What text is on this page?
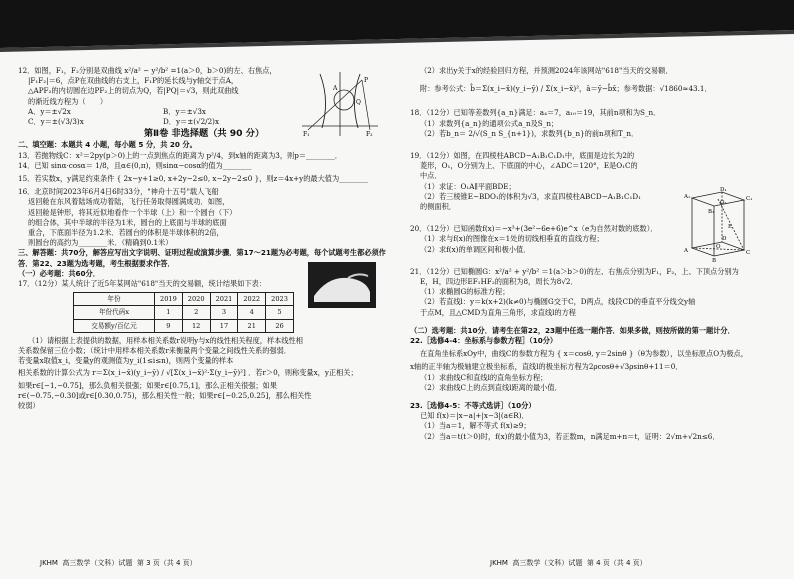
12．如图，F₁，F₂分别是双曲线 x²/a² − y²/b² =1(a＞0，b＞0)的左、右焦点，

|F₁F₂|＝6，点P在双曲线的右支上，F₁P的延长线与y轴交于点A，

△APF₂的内切圆在边PF₂上的切点为Q，若|PQ|＝√3，则此双曲线

的渐近线方程为（　　）

A．y＝±√2x	B．y＝±√3x
C．y＝±(√3/3)x	D．y＝±(√2/2)x
第Ⅱ卷 非选择题（共 90 分）

二、填空题：本题共 4 小题，每小题 5 分，共 20 分。

13．若抛物线C：x²＝2py(p＞0)上的一点到焦点的距离为 p²/4，到x轴的距离为3，则p＝________．

14．已知 sinα·cosα＝ 1/8，且α∈(0,π)，则sinα−cosα的值为________

15．若实数x，y满足约束条件 { 2x−y+1≥0, x+2y−2≤0, x−2y−2≤0 }，则z＝4x+y的最大值为________

16．北京时间2023年6月4日6时33分，"神舟十五号"载人飞船

返回舱在东风着陆场成功着陆，飞行任务取得圆满成功．如图，

返回舱是钟形，将其近似地看作一个半球（上）和一个圆台（下）

的组合体，其中半球的半径为1米，圆台的上底面与半球的底面

重合，下底面半径为1.2米．若圆台的体积是半球体积的2倍，

则圆台的高约为________米．（精确到0.1米）

三、解答题：共70分，解答应写出文字说明、证明过程或演算步骤．第17～21题为必考题，每个试题考生都必须作答．第22、23题为选考题，考生根据要求作答．

（一）必考题：共60分．

17．（12分）某人统计了近5年某网站"618"当天的交易额，统计结果如下表：

年份	2019	2020	2021	2022	2023
年份代码x	1	2	3	4	5
交易额y/百亿元	9	12	17	21	26

（1）请根据上表提供的数据，用样本相关系数r说明y与x的线性相关程度，样本线性相

关系数保留三位小数；（统计中用样本相关系数r来衡量两个变量之间线性关系的强弱．

若变量x取值x_i，变量y的观测值为y_i(1≤i≤n)，则两个变量的样本

相关系数的计算公式为 r＝Σ(x_i−x̄)(y_i−ȳ) / √[Σ(x_i−x̄)²·Σ(y_i−ȳ)²] ．若r＞0，则称变量x，y正相关；

如果r∈[−1,−0.75]，那么负相关很强；如果r∈[0.75,1]，那么正相关很强；如果

r∈(−0.75,−0.30]或r∈[0.30,0.75)，那么相关性一般；如果r∈[−0.25,0.25]，那么相关性

较弱）

F₁	F₂
A
P
Q

（2）求出y关于x的经验回归方程，并预测2024年该网站"618"当天的交易额．

附：参考公式：b̂＝Σ(x_i−x̄)(y_i−ȳ) / Σ(x_i−x̄)²，â＝ȳ−b̂x̄；参考数据：√1860≈43.1．

18．（12分）已知等差数列{a_n}满足：a₄＝7，a₁₀＝19，其前n项和为S_n．

（1）求数列{a_n}的通项公式a_n及S_n；

（2）若b_n＝ 2/√(S_n S_{n+1})，求数列{b_n}的前n项和T_n．

19．（12分）如图，在四棱柱ABCD−A₁B₁C₁D₁中，底面是边长为2的

菱形，O₁，O分别为上、下底面的中心，∠ADC＝120°，E是O₁C的

中点．

（1）求证：O₁A∥平面BDE；

（2）若三棱锥E−BDO₁的体积为√3，求直四棱柱ABCD−A₁B₁C₁D₁

的侧面积．

20．（12分）已知函数f(x)＝−x³+(3e²−6e+6)e^x（e为自然对数的底数）．

（1）求与f(x)的图像在x＝1处的切线相垂直的直线方程；

（2）求f(x)的单调区间和极小值．

21．（12分）已知椭圆G：x²/a² + y²/b² ＝1(a＞b＞0)的左、右焦点分别为F₁，F₂，上、下顶点分别为

E，H，四边形EF₁HF₂的面积为8，周长为8√2．

（1）求椭圆G的标准方程；

（2）若直线l：y＝k(x+2)(k≠0)与椭圆G交于C，D两点，线段CD的垂直平分线交y轴

于点M，且△CMD为直角三角形，求直线l的方程

（二）选考题：共10分．请考生在第22，23题中任选一题作答．如果多做，则按所做的第一题计分．

22.［选修4-4：坐标系与参数方程］（10分）

在直角坐标系xOy中，曲线C的参数方程为 { x＝cosθ, y＝2sinθ }（θ为参数），以坐标原点O为极点，

x轴的正半轴为极轴建立极坐标系，直线l的极坐标方程为2ρcosθ+√3ρsinθ+11＝0．

（1）求曲线C和直线l的直角坐标方程；

（2）求曲线C上的点到直线l距离的最小值．

23.［选修4-5：不等式选讲］（10分）

已知 f(x)＝|x−a|+|x−3|(a∈R)．

（1）当a＝1，解不等式 f(x)≥9；

（2）当a＝t(t＞0)时，f(x)的最小值为3，若正数m，n满足m+n＝t，证明：2√m+√2n≤6．

A₁
D₁
C₁
B₁
O₁
E
A
D
C
B
O
JKHM  高三数学（文科）试题  第 3 页（共 4 页）	JKHM  高三数学（文科）试题  第 4 页（共 4 页）
